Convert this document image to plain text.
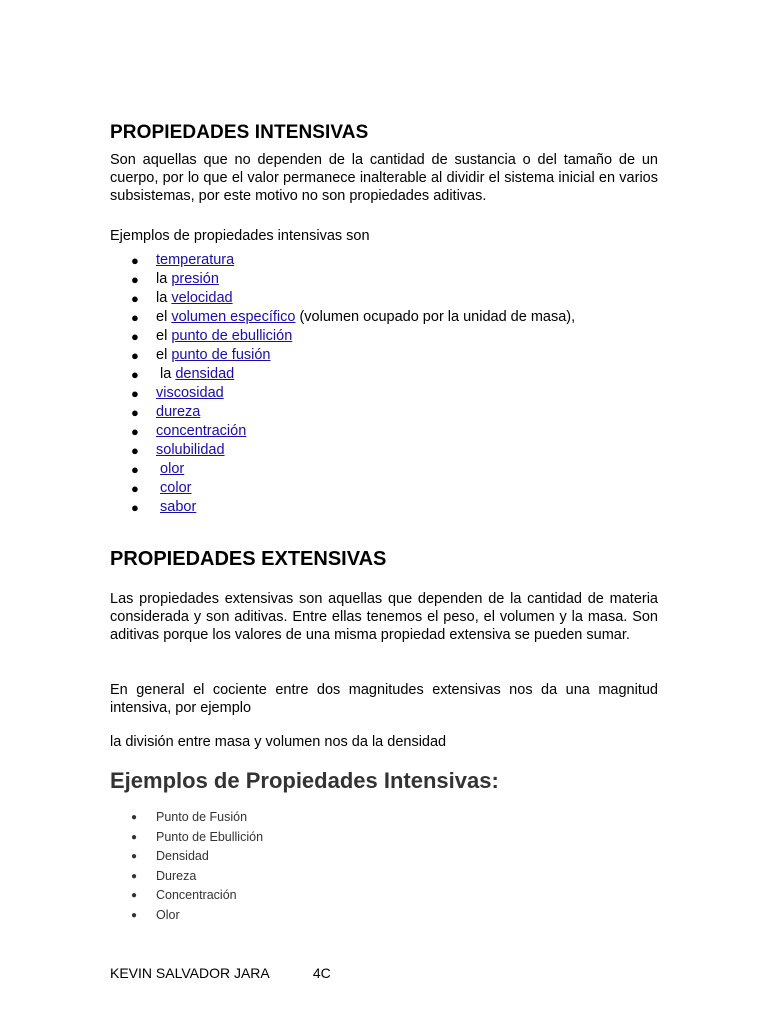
PROPIEDADES INTENSIVAS
Son aquellas que no dependen de la cantidad de sustancia o del tamaño de un cuerpo, por lo que el valor permanece inalterable al dividir el sistema inicial en varios subsistemas, por este motivo no son propiedades aditivas.
Ejemplos de propiedades intensivas son
● temperatura
● la presión
● la velocidad
● el volumen específico (volumen ocupado por la unidad de masa),
● el punto de ebullición
● el punto de fusión
● la densidad
● viscosidad
● dureza
● concentración
● solubilidad
● olor
● color
● sabor
PROPIEDADES EXTENSIVAS
Las propiedades extensivas son aquellas que dependen de la cantidad de materia considerada y son aditivas. Entre ellas tenemos el peso, el volumen y la masa. Son aditivas porque los valores de una misma propiedad extensiva se pueden sumar.
En general el cociente entre dos magnitudes extensivas nos da una magnitud intensiva, por ejemplo
la división entre masa y volumen nos da la densidad
Ejemplos de Propiedades Intensivas:
● Punto de Fusión
● Punto de Ebullición
● Densidad
● Dureza
● Concentración
● Olor
KEVIN SALVADOR JARA	4C
